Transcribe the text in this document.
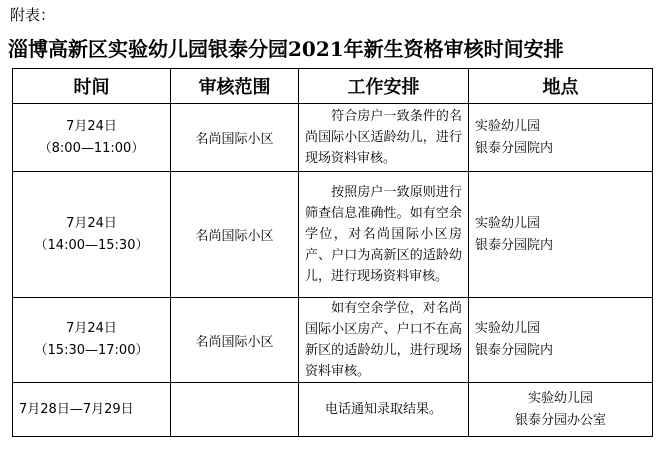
附表：
淄博高新区实验幼儿园银泰分园2021年新生资格审核时间安排
时间	审核范围	工作安排	地点

7月24日
（8:00—11:00）	名尚国际小区	符合房户一致条件的名尚国际小区适龄幼儿，进行现场资料审核。	实验幼儿园
银泰分园院内

7月24日
（14:00—15:30）	名尚国际小区	按照房户一致原则进行筛查信息准确性。如有空余学位，对名尚国际小区房产、户口为高新区的适龄幼儿，进行现场资料审核。	实验幼儿园
银泰分园院内

7月24日
（15:30—17:00）	名尚国际小区	如有空余学位，对名尚国际小区房产、户口不在高新区的适龄幼儿，进行现场资料审核。	实验幼儿园
银泰分园院内

7月28日—7月29日		电话通知录取结果。	实验幼儿园
银泰分园办公室
